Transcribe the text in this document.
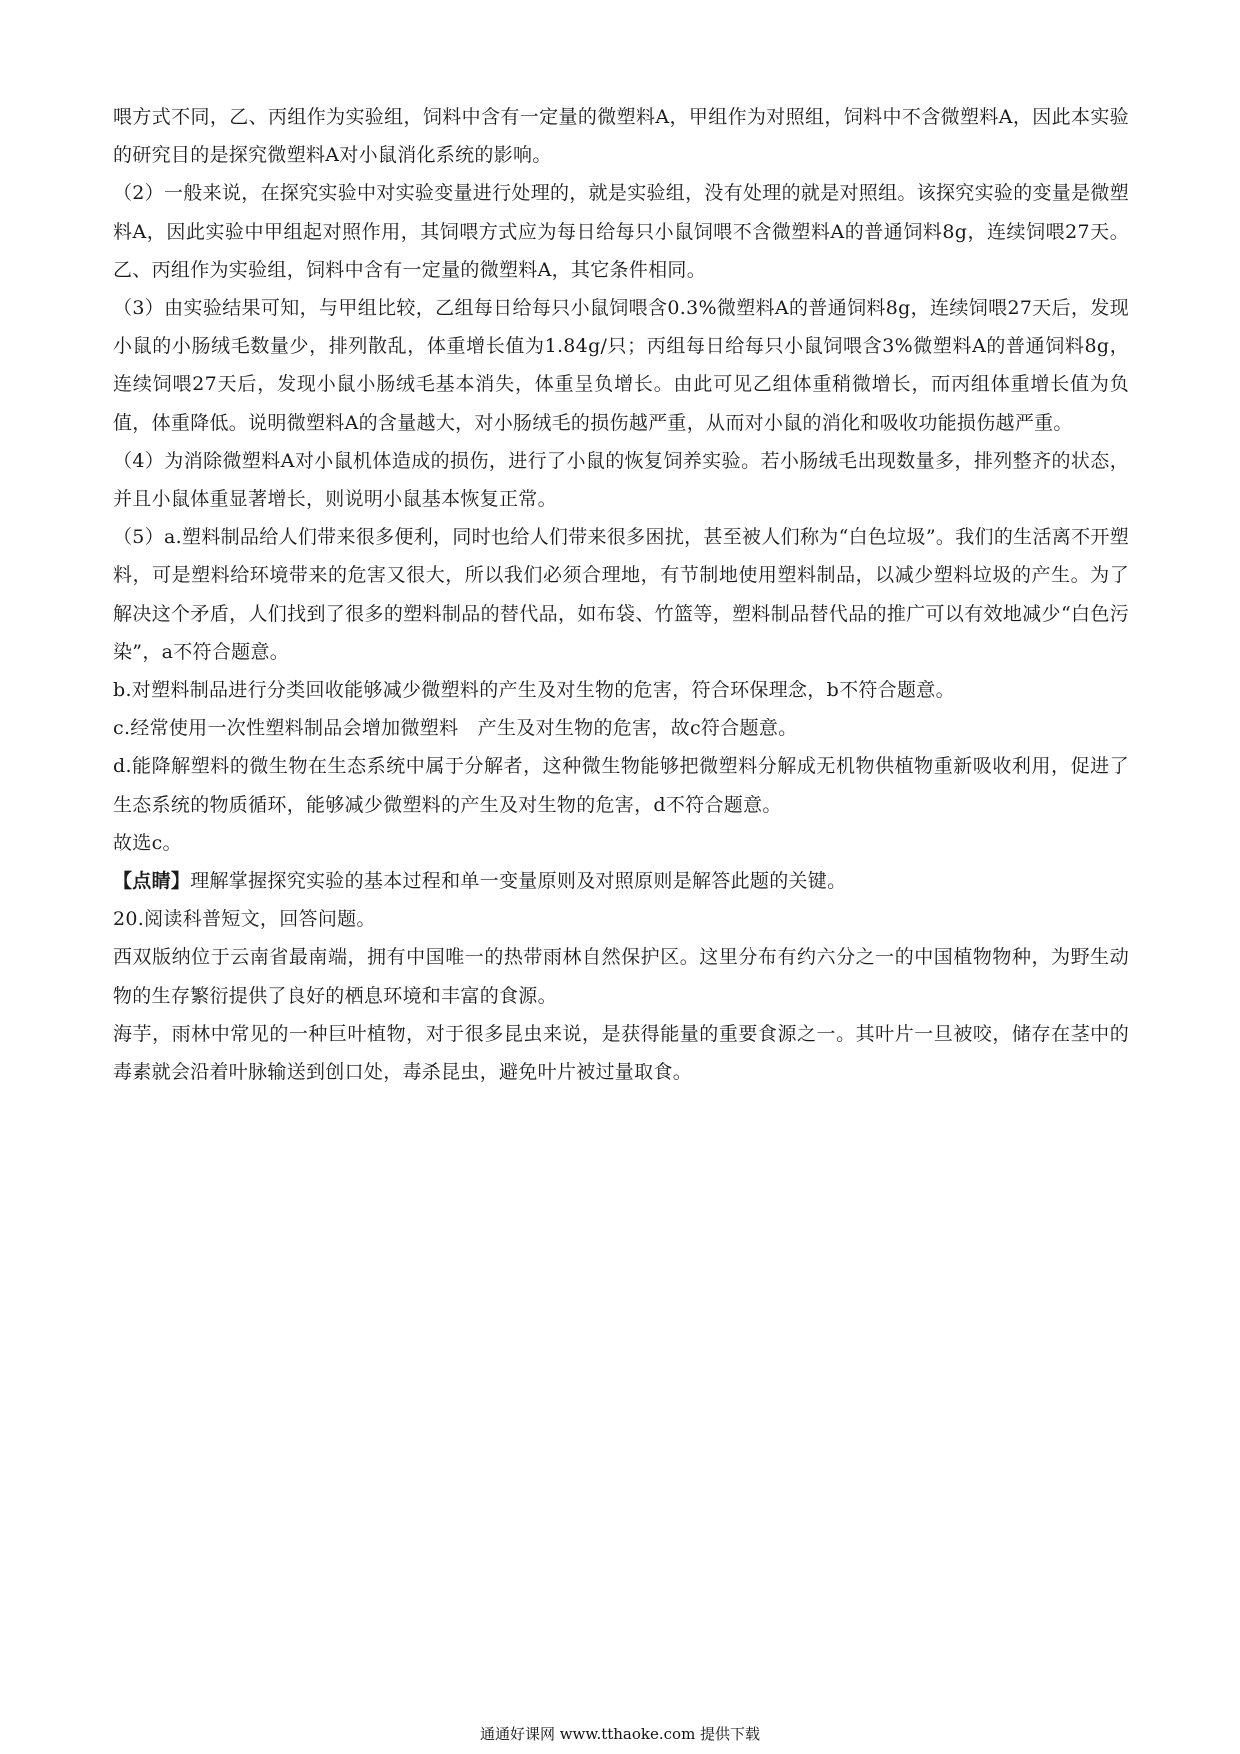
喂方式不同，乙、丙组作为实验组，饲料中含有一定量的微塑料A，甲组作为对照组，饲料中不含微塑料A，因此本实验的研究目的是探究微塑料A对小鼠消化系统的影响。

（2）一般来说，在探究实验中对实验变量进行处理的，就是实验组，没有处理的就是对照组。该探究实验的变量是微塑料A，因此实验中甲组起对照作用，其饲喂方式应为每日给每只小鼠饲喂不含微塑料A的普通饲料8g，连续饲喂27天。乙、丙组作为实验组，饲料中含有一定量的微塑料A，其它条件相同。

（3）由实验结果可知，与甲组比较，乙组每日给每只小鼠饲喂含0.3%微塑料A的普通饲料8g，连续饲喂27天后，发现小鼠的小肠绒毛数量少，排列散乱，体重增长值为1.84g/只；丙组每日给每只小鼠饲喂含3%微塑料A的普通饲料8g，连续饲喂27天后，发现小鼠小肠绒毛基本消失，体重呈负增长。由此可见乙组体重稍微增长，而丙组体重增长值为负值，体重降低。说明微塑料A的含量越大，对小肠绒毛的损伤越严重，从而对小鼠的消化和吸收功能损伤越严重。

（4）为消除微塑料A对小鼠机体造成的损伤，进行了小鼠的恢复饲养实验。若小肠绒毛出现数量多，排列整齐的状态，并且小鼠体重显著增长，则说明小鼠基本恢复正常。

（5）a.塑料制品给人们带来很多便利，同时也给人们带来很多困扰，甚至被人们称为“白色垃圾”。我们的生活离不开塑料，可是塑料给环境带来的危害又很大，所以我们必须合理地，有节制地使用塑料制品，以减少塑料垃圾的产生。为了解决这个矛盾，人们找到了很多的塑料制品的替代品，如布袋、竹篮等，塑料制品替代品的推广可以有效地减少“白色污染”，a不符合题意。

b.对塑料制品进行分类回收能够减少微塑料的产生及对生物的危害，符合环保理念，b不符合题意。

c.经常使用一次性塑料制品会增加微塑料　产生及对生物的危害，故c符合题意。

d.能降解塑料的微生物在生态系统中属于分解者，这种微生物能够把微塑料分解成无机物供植物重新吸收利用，促进了生态系统的物质循环，能够减少微塑料的产生及对生物的危害，d不符合题意。

故选c。

【点睛】理解掌握探究实验的基本过程和单一变量原则及对照原则是解答此题的关键。

20.阅读科普短文，回答问题。

西双版纳位于云南省最南端，拥有中国唯一的热带雨林自然保护区。这里分布有约六分之一的中国植物物种，为野生动物的生存繁衍提供了良好的栖息环境和丰富的食源。

海芋，雨林中常见的一种巨叶植物，对于很多昆虫来说，是获得能量的重要食源之一。其叶片一旦被咬，储存在茎中的毒素就会沿着叶脉输送到创口处，毒杀昆虫，避免叶片被过量取食。

通通好课网 www.tthaoke.com 提供下载
